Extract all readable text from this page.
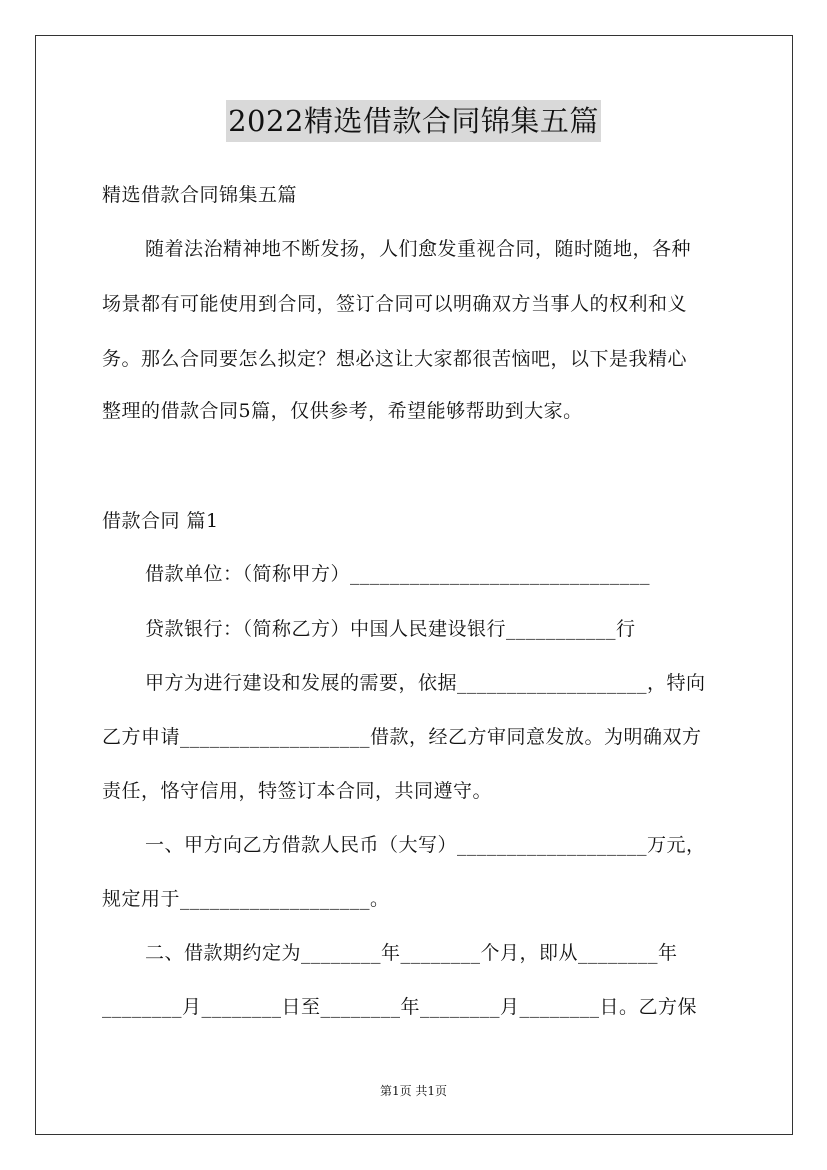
2022精选借款合同锦集五篇
精选借款合同锦集五篇
随着法治精神地不断发扬，人们愈发重视合同，随时随地，各种
场景都有可能使用到合同，签订合同可以明确双方当事人的权利和义
务。那么合同要怎么拟定？想必这让大家都很苦恼吧，以下是我精心
整理的借款合同5篇，仅供参考，希望能够帮助到大家。
借款合同 篇1
借款单位：（简称甲方）______________________________
贷款银行：（简称乙方）中国人民建设银行___________行
甲方为进行建设和发展的需要，依据___________________，特向
乙方申请___________________借款，经乙方审同意发放。为明确双方
责任，恪守信用，特签订本合同，共同遵守。
一、甲方向乙方借款人民币（大写）___________________万元，
规定用于___________________。
二、借款期约定为________年________个月，即从________年
________月________日至________年________月________日。乙方保
第1页 共1页
